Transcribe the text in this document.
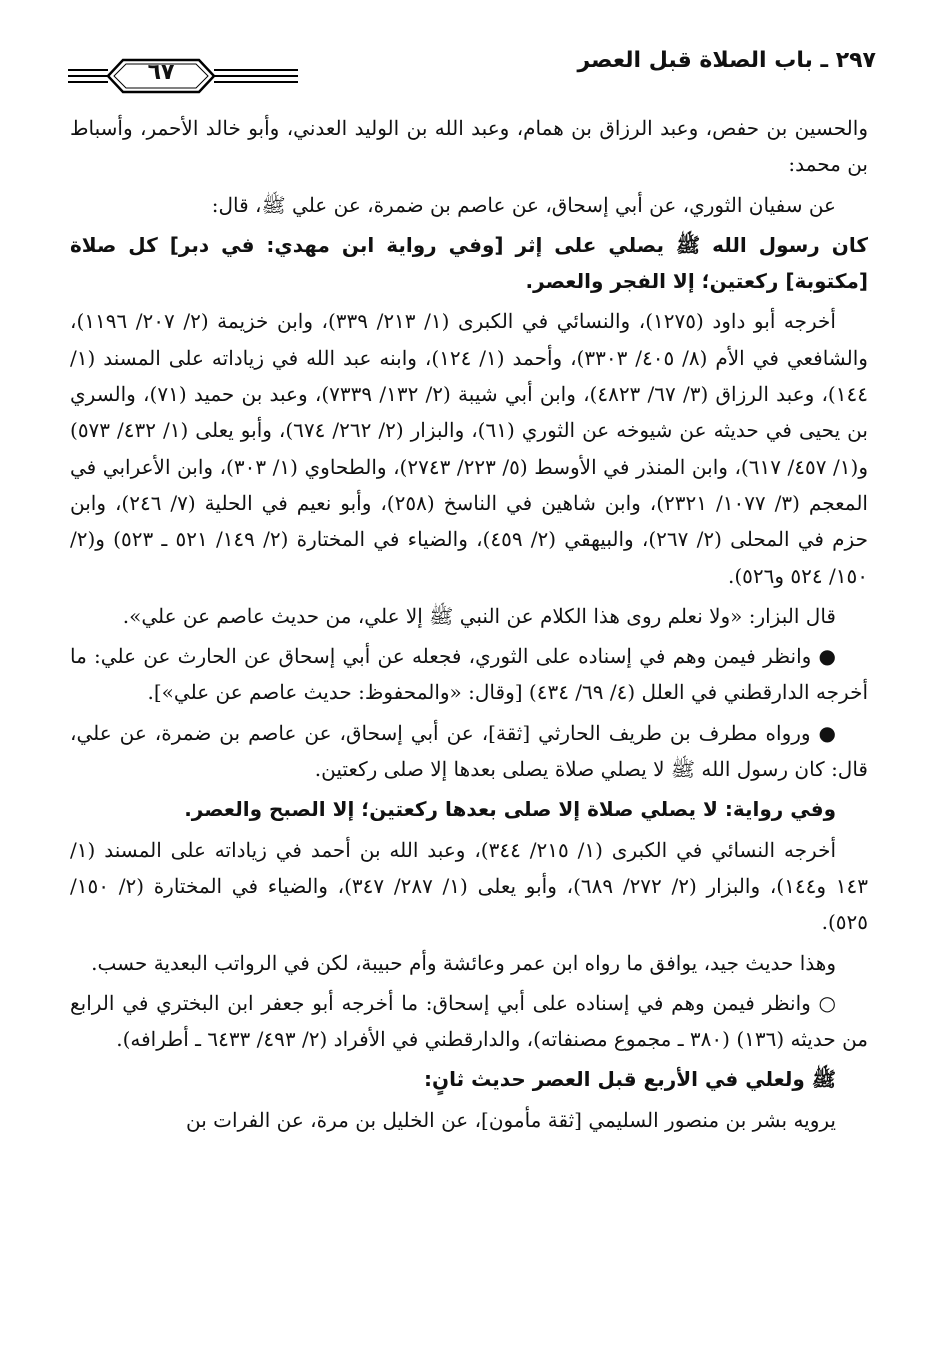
٢٩٧ ـ باب الصلاة قبل العصر
٦٧

والحسين بن حفص، وعبد الرزاق بن همام، وعبد الله بن الوليد العدني، وأبو خالد الأحمر، وأسباط بن محمد:

عن سفيان الثوري، عن أبي إسحاق، عن عاصم بن ضمرة، عن علي ﷺ، قال:

كان رسول الله ﷺ يصلي على إثر [وفي رواية ابن مهدي: في دبر] كل صلاة [مكتوبة] ركعتين؛ إلا الفجر والعصر.

أخرجه أبو داود (١٢٧٥)، والنسائي في الكبرى (١/ ٢١٣/ ٣٣٩)، وابن خزيمة (٢/ ٢٠٧/ ١١٩٦)، والشافعي في الأم (٨/ ٤٠٥/ ٣٣٠٣)، وأحمد (١/ ١٢٤)، وابنه عبد الله في زياداته على المسند (١/ ١٤٤)، وعبد الرزاق (٣/ ٦٧/ ٤٨٢٣)، وابن أبي شيبة (٢/ ١٣٢/ ٧٣٣٩)، وعبد بن حميد (٧١)، والسري بن يحيى في حديثه عن شيوخه عن الثوري (٦١)، والبزار (٢/ ٢٦٢/ ٦٧٤)، وأبو يعلى (١/ ٤٣٢/ ٥٧٣) و(١/ ٤٥٧/ ٦١٧)، وابن المنذر في الأوسط (٥/ ٢٢٣/ ٢٧٤٣)، والطحاوي (١/ ٣٠٣)، وابن الأعرابي في المعجم (٣/ ١٠٧٧/ ٢٣٢١)، وابن شاهين في الناسخ (٢٥٨)، وأبو نعيم في الحلية (٧/ ٢٤٦)، وابن حزم في المحلى (٢/ ٢٦٧)، والبيهقي (٢/ ٤٥٩)، والضياء في المختارة (٢/ ١٤٩/ ٥٢١ ـ ٥٢٣) و(٢/ ١٥٠/ ٥٢٤ و٥٢٦).

قال البزار: «ولا نعلم روى هذا الكلام عن النبي ﷺ إلا علي، من حديث عاصم عن علي».

● وانظر فيمن وهم في إسناده على الثوري، فجعله عن أبي إسحاق عن الحارث عن علي: ما أخرجه الدارقطني في العلل (٤/ ٦٩/ ٤٣٤) [وقال: «والمحفوظ: حديث عاصم عن علي»].

● ورواه مطرف بن طريف الحارثي [ثقة]، عن أبي إسحاق، عن عاصم بن ضمرة، عن علي، قال: كان رسول الله ﷺ لا يصلي صلاة يصلى بعدها إلا صلى ركعتين.

وفي رواية: لا يصلي صلاة إلا صلى بعدها ركعتين؛ إلا الصبح والعصر.

أخرجه النسائي في الكبرى (١/ ٢١٥/ ٣٤٤)، وعبد الله بن أحمد في زياداته على المسند (١/ ١٤٣ و١٤٤)، والبزار (٢/ ٢٧٢/ ٦٨٩)، وأبو يعلى (١/ ٢٨٧/ ٣٤٧)، والضياء في المختارة (٢/ ١٥٠/ ٥٢٥).

وهذا حديث جيد، يوافق ما رواه ابن عمر وعائشة وأم حبيبة، لكن في الرواتب البعدية حسب.

○ وانظر فيمن وهم في إسناده على أبي إسحاق: ما أخرجه أبو جعفر ابن البختري في الرابع من حديثه (١٣٦) (٣٨٠ ـ مجموع مصنفاته)، والدارقطني في الأفراد (٢/ ٤٩٣/ ٦٤٣٣ ـ أطرافه).

ﷺ ولعلي في الأربع قبل العصر حديث ثانٍ:

يرويه بشر بن منصور السليمي [ثقة مأمون]، عن الخليل بن مرة، عن الفرات بن
